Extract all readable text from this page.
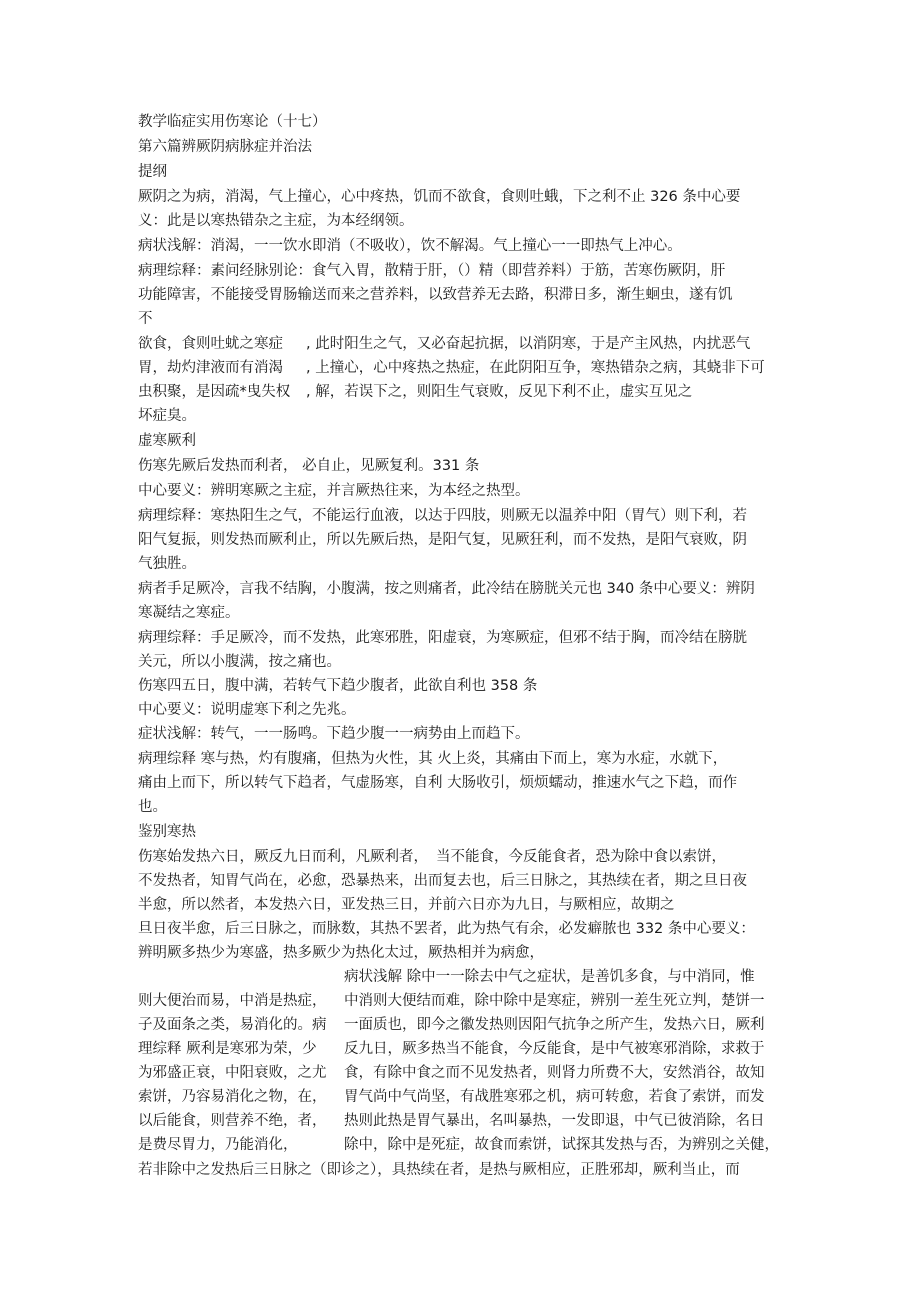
教学临症实用伤寒论（十七）
第六篇辨厥阴病脉症并治法
提纲
厥阴之为病，消渴，气上撞心，心中疼热，饥而不欲食，食则吐蛾，下之利不止 326 条中心要
义：此是以寒热错杂之主症，为本经纲领。
病状浅解：消渴，一一饮水即消（不吸收），饮不解渴。气上撞心一一即热气上冲心。
病理综释：素问经脉别论：食气入胃，散精于肝，（）精（即营养料）于筋，苦寒伤厥阴，肝
功能障害，不能接受胃肠输送而来之营养料，以致营养无去路，积滞日多，渐生蛔虫，遂有饥
不
欲食，食则吐蚘之寒症
胃，劫灼津液而有消渴
虫积聚，是因疏*曳失权
, 此时阳生之气，又必奋起抗据，以消阴寒，于是产主风热，内扰恶气
, 上撞心，心中疼热之热症，在此阴阳互争，寒热错杂之病，其蛲非下可
, 解，若误下之，则阳生气衰败，反见下利不止，虚实互见之
坏症臭。
虚寒厥利
伤寒先厥后发热而利者， 必自止，见厥复利。331 条
中心要义：辨明寒厥之主症，并言厥热往来，为本经之热型。
病理综释：寒热阳生之气，不能运行血液，以达于四肢，则厥无以温养中阳（胃气）则下利，若
阳气复振，则发热而厥利止，所以先厥后热，是阳气复，见厥狂利，而不发热，是阳气衰败，阴
气独胜。
病者手足厥冷，言我不结胸，小腹满，按之则痛者，此冷结在膀胱关元也 340 条中心要义：辨阴
寒凝结之寒症。
病理综释：手足厥冷，而不发热，此寒邪胜，阳虚衰，为寒厥症，但邪不结于胸，而冷结在膀胱
关元，所以小腹满，按之痛也。
伤寒四五日，腹中满，若转气下趋少腹者，此欲自利也 358 条
中心要义：说明虚寒下利之先兆。
症状浅解：转气，一一肠鸣。下趋少腹一一病势由上而趋下。
病理综释 寒与热，灼有腹痛，但热为火性，其 火上炎，其痛由下而上，寒为水症，水就下，
痛由上而下，所以转气下趋者，气虚肠寒，自利 大肠收引，烦烦蠕动，推速水气之下趋，而作
也。
鉴别寒热
伤寒始发热六日，厥反九日而利，凡厥利者， 当不能食，今反能食者，恐为除中食以索饼，
不发热者，知胃气尚在，必愈，恐暴热来，出而复去也，后三日脉之，其热续在者，期之旦日夜
半愈，所以然者，本发热六日，亚发热三日，并前六日亦为九日，与厥相应，故期之
旦日夜半愈，后三日脉之，而脉数，其热不罢者，此为热气有余，必发癖脓也 332 条中心要义：
辨明厥多热少为寒盛，热多厥少为热化太过，厥热相并为病愈，
病状浅解 除中一一除去中气之症状，是善饥多食，与中消同，惟
中消则大便结而难，除中除中是寒症，辨别一差生死立判，楚饼一
一面质也，即今之徽发热则因阳气抗争之所产生，发热六日，厥利
反九日，厥多热当不能食，今反能食，是中气被寒邪消除，求救于
食，有除中食之而不见发热者，则肾力所费不大，安然消谷，故知
胃气尚中气尚坚，有战胜寒邪之机，病可转愈，若食了索饼，而发
热则此热是胃气暴出，名叫暴热，一发即退，中气已彼消除，名日
除中，除中是死症，故食而索饼，试探其发热与否，为辨别之关健，
则大便治而易，中消是热症，
子及面条之类，易消化的。病
理综释 厥利是寒邪为荣，少
为邪盛正衰，中阳衰败，之尤
索饼，乃容易消化之物，在，
以后能食，则营养不绝，者，
是费尽胃力，乃能消化，
若非除中之发热后三日脉之（即诊之），具热续在者，是热与厥相应，正胜邪却，厥利当止，而
